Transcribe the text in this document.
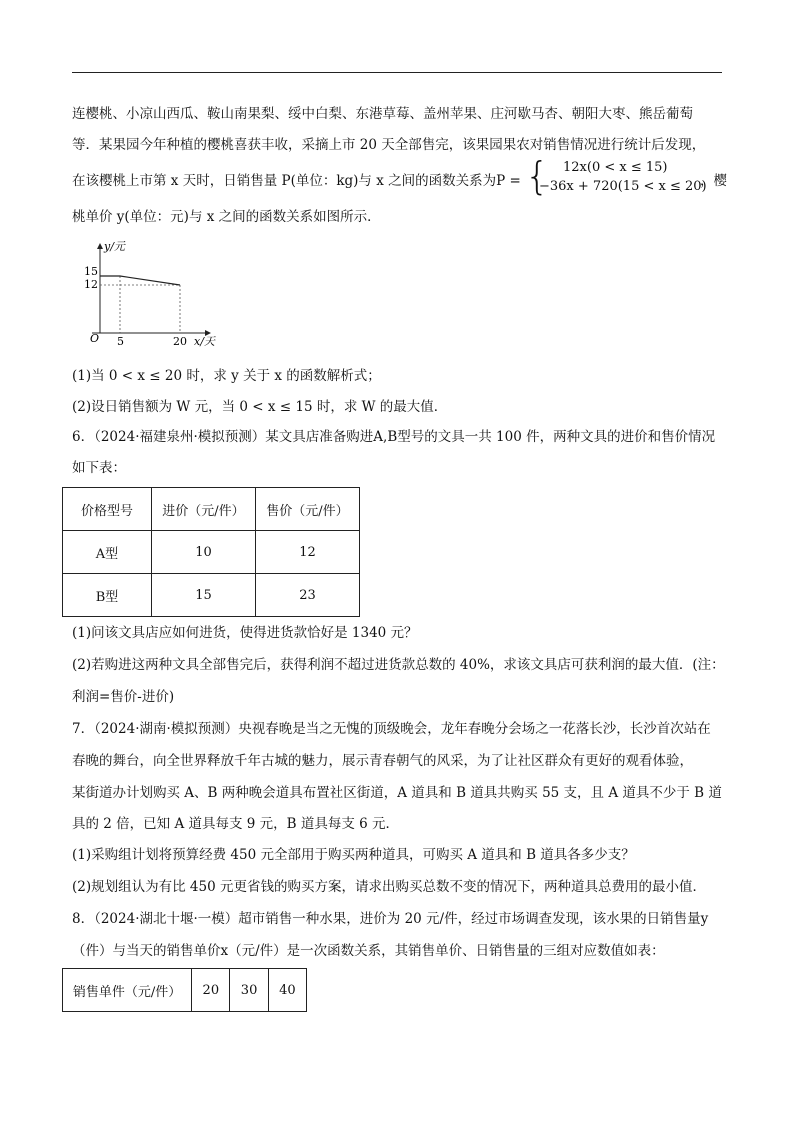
连樱桃、小凉山西瓜、鞍山南果梨、绥中白梨、东港草莓、盖州苹果、庄河歇马杏、朝阳大枣、熊岳葡萄
等．某果园今年种植的樱桃喜获丰收，采摘上市 20 天全部售完，该果园果农对销售情况进行统计后发现，
在该樱桃上市第 x 天时，日销售量 P(单位：kg)与 x 之间的函数关系为P = { 12x(0 < x ≤ 15)
−36x + 720(15 < x ≤ 20)
，樱
桃单价 y(单位：元)与 x 之间的函数关系如图所示．
y/元
15
12
O 5	20 x/天
(1)当 0 < x ≤ 20 时，求 y 关于 x 的函数解析式；
(2)设日销售额为 W 元，当 0 < x ≤ 15 时，求 W 的最大值．
6．（2024·福建泉州·模拟预测）某文具店准备购进A,B型号的文具一共 100 件，两种文具的进价和售价情况
如下表：
价格型号	进价（元/件）	售价（元/件）
A型	10	12
B型	15	23
(1)问该文具店应如何进货，使得进货款恰好是 1340 元？
(2)若购进这两种文具全部售完后，获得利润不超过进货款总数的 40%，求该文具店可获利润的最大值．(注：
利润=售价-进价)
7．（2024·湖南·模拟预测）央视春晚是当之无愧的顶级晚会，龙年春晚分会场之一花落长沙，长沙首次站在
春晚的舞台，向全世界释放千年古城的魅力，展示青春朝气的风采，为了让社区群众有更好的观看体验，
某街道办计划购买 A、B 两种晚会道具布置社区街道，A 道具和 B 道具共购买 55 支，且 A 道具不少于 B 道
具的 2 倍，已知 A 道具每支 9 元，B 道具每支 6 元．
(1)采购组计划将预算经费 450 元全部用于购买两种道具，可购买 A 道具和 B 道具各多少支？
(2)规划组认为有比 450 元更省钱的购买方案，请求出购买总数不变的情况下，两种道具总费用的最小值．
8．（2024·湖北十堰·一模）超市销售一种水果，进价为 20 元/件，经过市场调查发现，该水果的日销售量y
（件）与当天的销售单价x（元/件）是一次函数关系，其销售单价、日销售量的三组对应数值如表：
销售单件（元/件）	20	30	40
